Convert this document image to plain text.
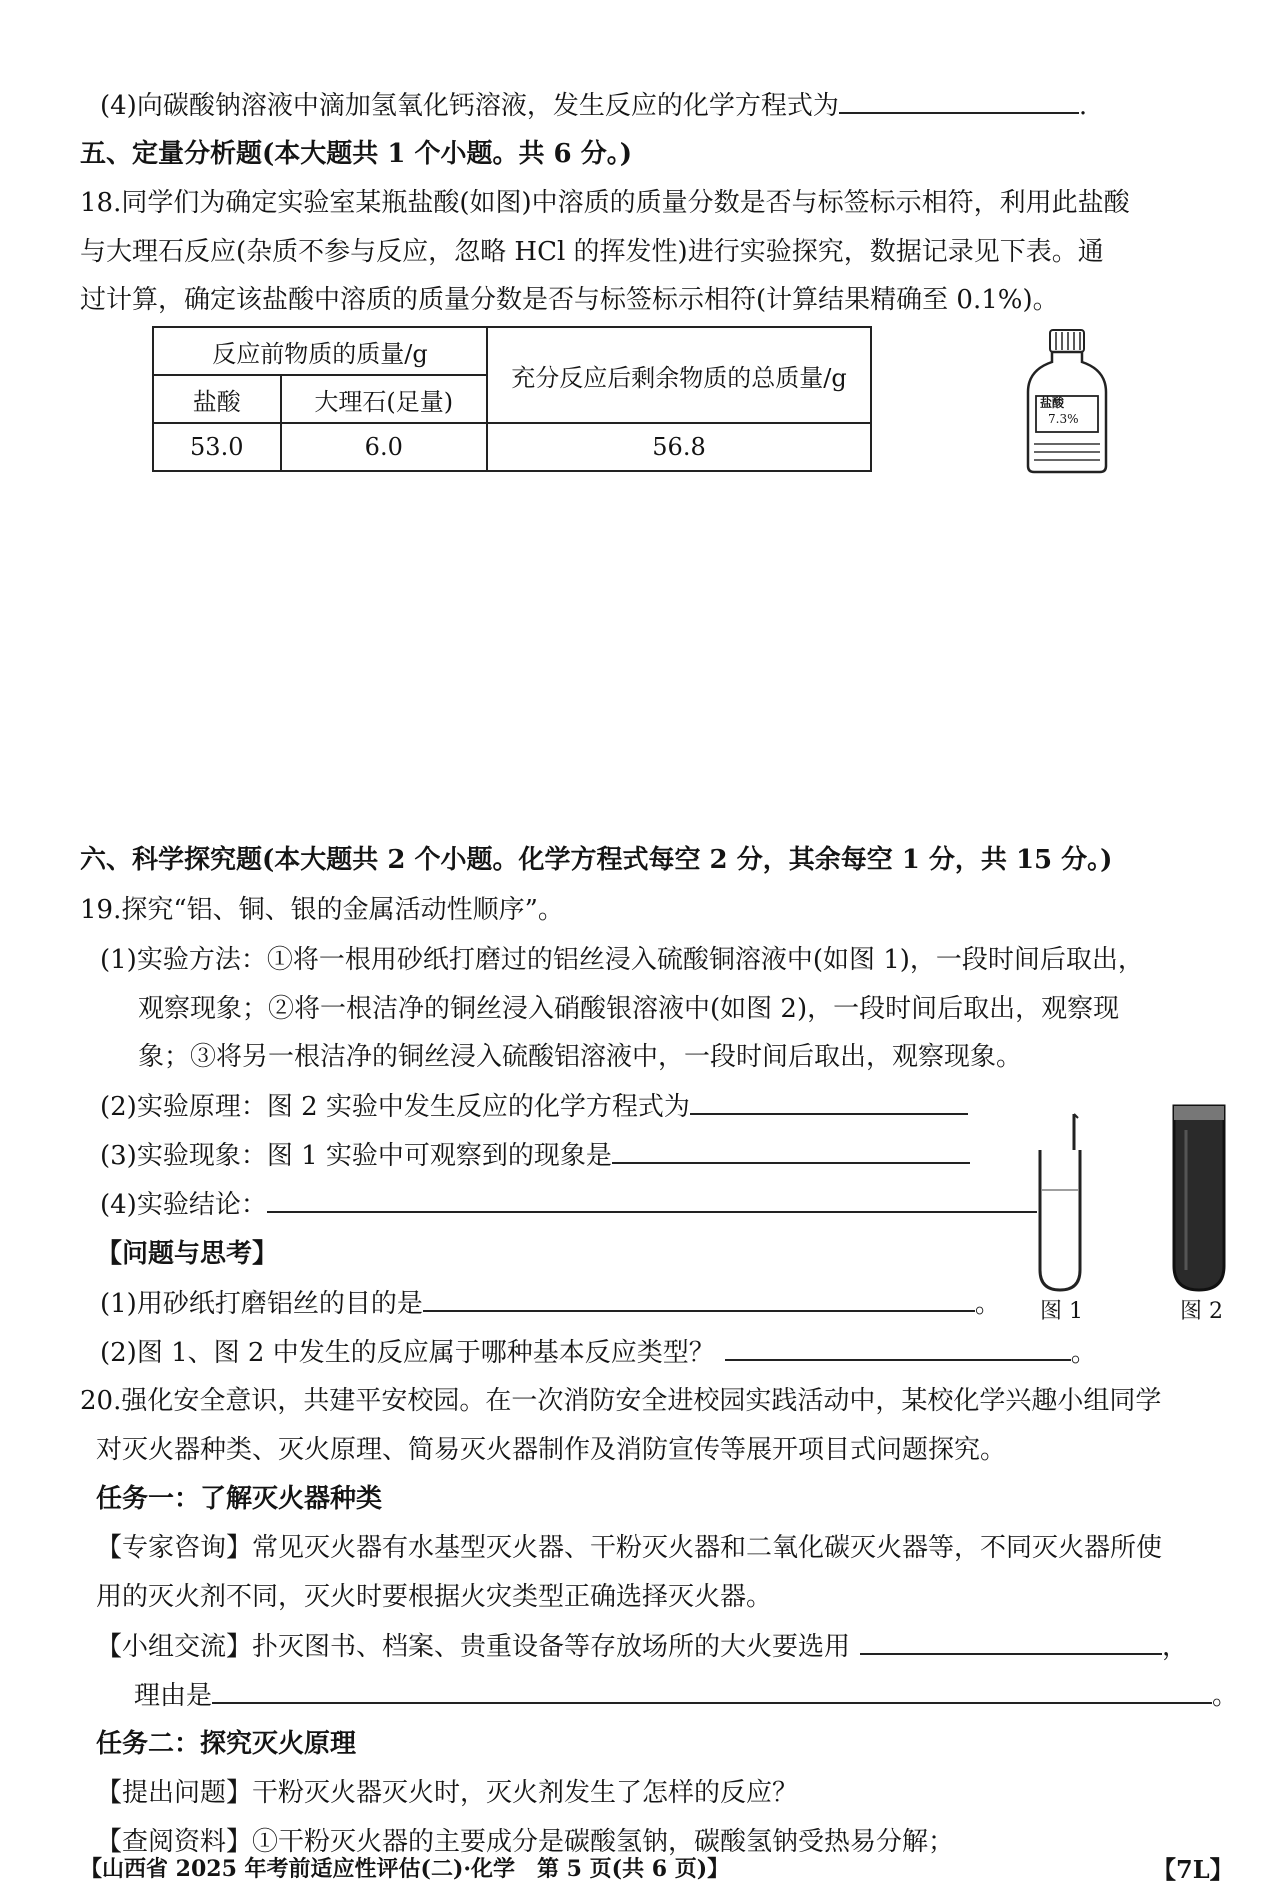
(4)向碳酸钠溶液中滴加氢氧化钙溶液，发生反应的化学方程式为	.
五、定量分析题(本大题共 1 个小题。共 6 分。)
18.同学们为确定实验室某瓶盐酸(如图)中溶质的质量分数是否与标签标示相符，利用此盐酸
与大理石反应(杂质不参与反应，忽略 HCl 的挥发性)进行实验探究，数据记录见下表。通
过计算，确定该盐酸中溶质的质量分数是否与标签标示相符(计算结果精确至 0.1%)。
反应前物质的质量/g		充分反应后剩余物质的总质量/g
盐酸	大理石(足量)	
53.0	6.0	56.8
盐酸
7.3%
六、科学探究题(本大题共 2 个小题。化学方程式每空 2 分，其余每空 1 分，共 15 分。)
19.探究“铝、铜、银的金属活动性顺序”。
(1)实验方法：①将一根用砂纸打磨过的铝丝浸入硫酸铜溶液中(如图 1)，一段时间后取出，
观察现象；②将一根洁净的铜丝浸入硝酸银溶液中(如图 2)，一段时间后取出，观察现
象；③将另一根洁净的铜丝浸入硫酸铝溶液中，一段时间后取出，观察现象。
(2)实验原理：图 2 实验中发生反应的化学方程式为
(3)实验现象：图 1 实验中可观察到的现象是
(4)实验结论：
【问题与思考】
(1)用砂纸打磨铝丝的目的是	。
(2)图 1、图 2 中发生的反应属于哪种基本反应类型？	。
图 1	图 2
20.强化安全意识，共建平安校园。在一次消防安全进校园实践活动中，某校化学兴趣小组同学
对灭火器种类、灭火原理、简易灭火器制作及消防宣传等展开项目式问题探究。
任务一：了解灭火器种类
【专家咨询】常见灭火器有水基型灭火器、干粉灭火器和二氧化碳灭火器等，不同灭火器所使
用的灭火剂不同，灭火时要根据火灾类型正确选择灭火器。
【小组交流】扑灭图书、档案、贵重设备等存放场所的大火要选用	，
理由是	。
任务二：探究灭火原理
【提出问题】干粉灭火器灭火时，灭火剂发生了怎样的反应？
【查阅资料】①干粉灭火器的主要成分是碳酸氢钠，碳酸氢钠受热易分解；
【山西省 2025 年考前适应性评估(二)·化学　第 5 页(共 6 页)】	【7L】
